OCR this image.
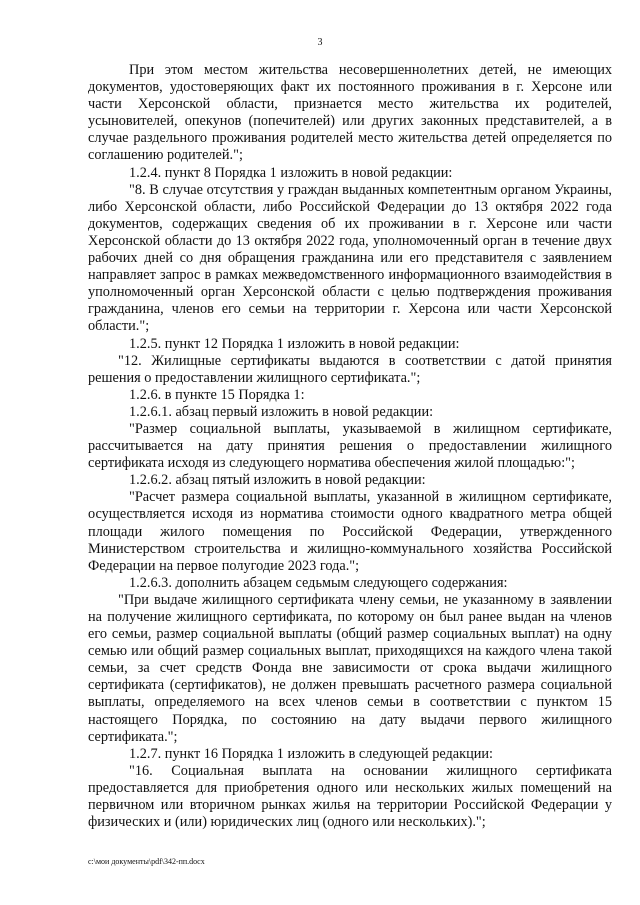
3

При этом местом жительства несовершеннолетних детей, не имеющих документов, удостоверяющих факт их постоянного проживания в г. Херсоне или части Херсонской области, признается место жительства их родителей, усыновителей, опекунов (попечителей) или других законных представителей, а в случае раздельного проживания родителей место жительства детей определяется по соглашению родителей.";

1.2.4. пункт 8 Порядка 1 изложить в новой редакции:

"8. В случае отсутствия у граждан выданных компетентным органом Украины, либо Херсонской области, либо Российской Федерации до 13 октября 2022 года документов, содержащих сведения об их проживании в г. Херсоне или части Херсонской области до 13 октября 2022 года, уполномоченный орган в течение двух рабочих дней со дня обращения гражданина или его представителя с заявлением направляет запрос в рамках межведомственного информационного взаимодействия в уполномоченный орган Херсонской области с целью подтверждения проживания гражданина, членов его семьи на территории г. Херсона или части Херсонской области.";

1.2.5. пункт 12 Порядка 1 изложить в новой редакции:

"12. Жилищные сертификаты выдаются в соответствии с датой принятия решения о предоставлении жилищного сертификата.";

1.2.6. в пункте 15 Порядка 1:

1.2.6.1. абзац первый изложить в новой редакции:

"Размер социальной выплаты, указываемой в жилищном сертификате, рассчитывается на дату принятия решения о предоставлении жилищного сертификата исходя из следующего норматива обеспечения жилой площадью:";

1.2.6.2. абзац пятый изложить в новой редакции:

"Расчет размера социальной выплаты, указанной в жилищном сертификате, осуществляется исходя из норматива стоимости одного квадратного метра общей площади жилого помещения по Российской Федерации, утвержденного Министерством строительства и жилищно-коммунального хозяйства Российской Федерации на первое полугодие 2023 года.";

1.2.6.3. дополнить абзацем седьмым следующего содержания:

"При выдаче жилищного сертификата члену семьи, не указанному в заявлении на получение жилищного сертификата, по которому он был ранее выдан на членов его семьи, размер социальной выплаты (общий размер социальных выплат) на одну семью или общий размер социальных выплат, приходящихся на каждого члена такой семьи, за счет средств Фонда вне зависимости от срока выдачи жилищного сертификата (сертификатов), не должен превышать расчетного размера социальной выплаты, определяемого на всех членов семьи в соответствии с пунктом 15 настоящего Порядка, по состоянию на дату выдачи первого жилищного сертификата.";

1.2.7. пункт 16 Порядка 1 изложить в следующей редакции:

"16. Социальная выплата на основании жилищного сертификата предоставляется для приобретения одного или нескольких жилых помещений на первичном или вторичном рынках жилья на территории Российской Федерации у физических и (или) юридических лиц (одного или нескольких).";

c:\мои документы\pdf\342-пп.docx
